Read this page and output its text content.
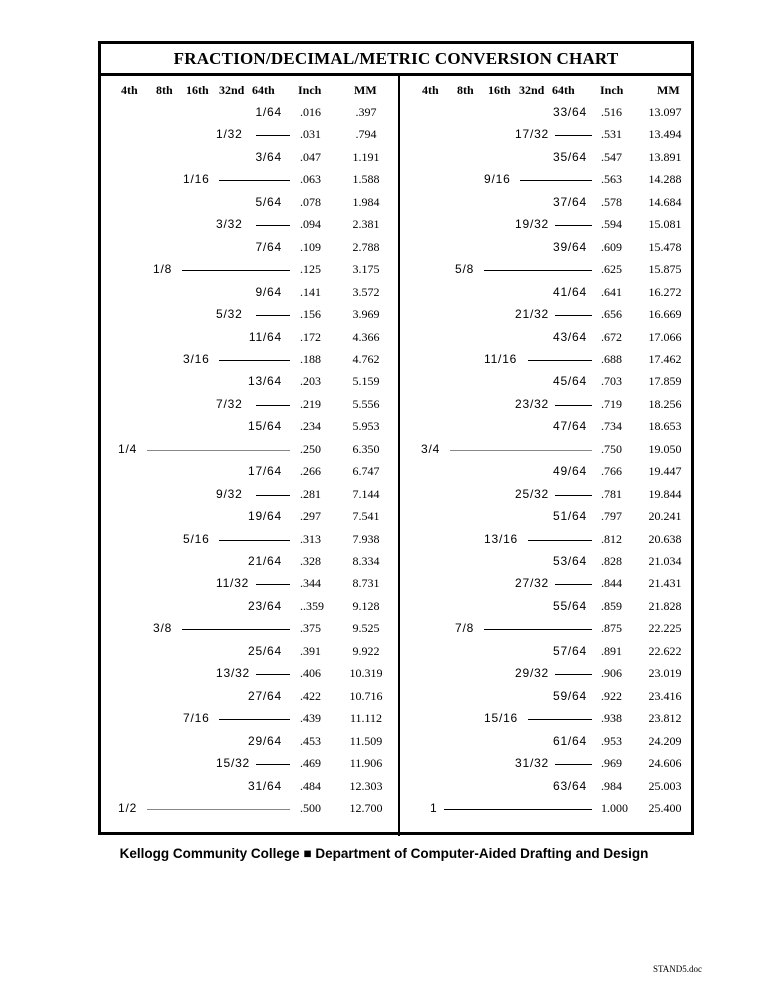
FRACTION/DECIMAL/METRIC CONVERSION CHART
4th 8th 16th 32nd 64th Inch	MM	4th 8th 16th 32nd 64th Inch	MM
1/64 .016	.397
1/32	.031	.794
3/64 .047	1.191
1/16	.063	1.588
5/64 .078	1.984
3/32	.094	2.381
7/64 .109	2.788
1/8	.125	3.175
9/64 .141	3.572
5/32	.156	3.969
11/64 .172	4.366
3/16	.188	4.762
13/64 .203	5.159
7/32	.219	5.556
15/64 .234	5.953
1/4	.250	6.350
17/64 .266	6.747
9/32	.281	7.144
19/64 .297	7.541
5/16	.313	7.938
21/64 .328	8.334
11/32	.344	8.731
23/64 ..359	9.128
3/8	.375	9.525
25/64 .391	9.922
13/32	.406 10.319
27/64 .422 10.716
7/16	.439	11.112
29/64 .453	11.509
15/32	.469	11.906
31/64 .484 12.303
1/2	.500 12.700
33/64 .516 13.097
17/32	.531 13.494
35/64 .547 13.891
9/16	.563 14.288
37/64 .578 14.684
19/32	.594 15.081
39/64 .609 15.478
5/8	.625 15.875
41/64 .641 16.272
21/32	.656 16.669
43/64 .672 17.066
11/16	.688 17.462
45/64 .703 17.859
23/32	.719 18.256
47/64 .734 18.653
3/4	.750 19.050
49/64 .766 19.447
25/32	.781 19.844
51/64 .797 20.241
13/16	.812 20.638
53/64 .828 21.034
27/32	.844 21.431
55/64 .859 21.828
7/8	.875 22.225
57/64 .891 22.622
29/32	.906 23.019
59/64 .922 23.416
15/16	.938 23.812
61/64 .953 24.209
31/32	.969 24.606
63/64 .984 25.003
1	1.000 25.400
Kellogg Community College ■ Department of Computer-Aided Drafting and Design
STAND5.doc
